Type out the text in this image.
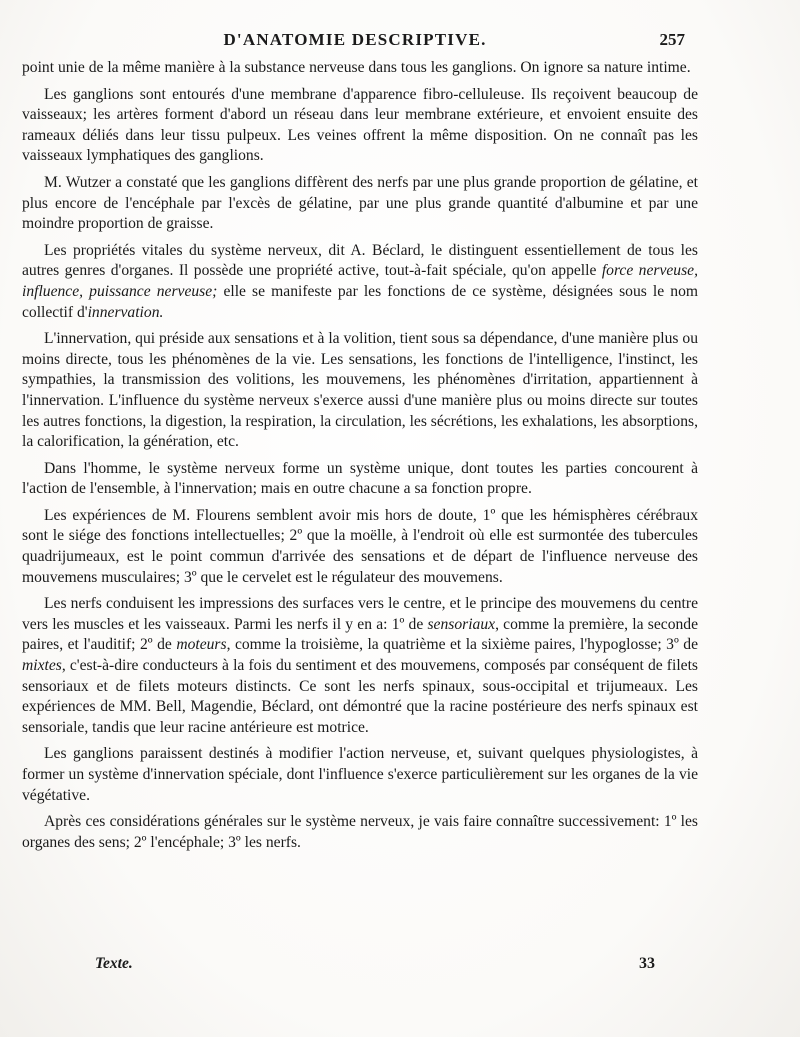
D'ANATOMIE DESCRIPTIVE.	257

point unie de la même manière à la substance nerveuse dans tous les ganglions. On ignore sa nature intime.

Les ganglions sont entourés d'une membrane d'apparence fibro-celluleuse. Ils reçoivent beaucoup de vaisseaux; les artères forment d'abord un réseau dans leur membrane extérieure, et envoient ensuite des rameaux déliés dans leur tissu pulpeux. Les veines offrent la même disposition. On ne connaît pas les vaisseaux lymphatiques des ganglions.

M. Wutzer a constaté que les ganglions diffèrent des nerfs par une plus grande proportion de gélatine, et plus encore de l'encéphale par l'excès de gélatine, par une plus grande quantité d'albumine et par une moindre proportion de graisse.

Les propriétés vitales du système nerveux, dit A. Béclard, le distinguent essentiellement de tous les autres genres d'organes. Il possède une propriété active, tout-à-fait spéciale, qu'on appelle force nerveuse, influence, puissance nerveuse; elle se manifeste par les fonctions de ce système, désignées sous le nom collectif d'innervation.

L'innervation, qui préside aux sensations et à la volition, tient sous sa dépendance, d'une manière plus ou moins directe, tous les phénomènes de la vie. Les sensations, les fonctions de l'intelligence, l'instinct, les sympathies, la transmission des volitions, les mouvemens, les phénomènes d'irritation, appartiennent à l'innervation. L'influence du système nerveux s'exerce aussi d'une manière plus ou moins directe sur toutes les autres fonctions, la digestion, la respiration, la circulation, les sécrétions, les exhalations, les absorptions, la calorification, la génération, etc.

Dans l'homme, le système nerveux forme un système unique, dont toutes les parties concourent à l'action de l'ensemble, à l'innervation; mais en outre chacune a sa fonction propre.

Les expériences de M. Flourens semblent avoir mis hors de doute, 1º que les hémisphères cérébraux sont le siége des fonctions intellectuelles; 2º que la moëlle, à l'endroit où elle est surmontée des tubercules quadrijumeaux, est le point commun d'arrivée des sensations et de départ de l'influence nerveuse des mouvemens musculaires; 3º que le cervelet est le régulateur des mouvemens.

Les nerfs conduisent les impressions des surfaces vers le centre, et le principe des mouvemens du centre vers les muscles et les vaisseaux. Parmi les nerfs il y en a: 1º de sensoriaux, comme la première, la seconde paires, et l'auditif; 2º de moteurs, comme la troisième, la quatrième et la sixième paires, l'hypoglosse; 3º de mixtes, c'est-à-dire conducteurs à la fois du sentiment et des mouvemens, composés par conséquent de filets sensoriaux et de filets moteurs distincts. Ce sont les nerfs spinaux, sous-occipital et trijumeaux. Les expériences de MM. Bell, Magendie, Béclard, ont démontré que la racine postérieure des nerfs spinaux est sensoriale, tandis que leur racine antérieure est motrice.

Les ganglions paraissent destinés à modifier l'action nerveuse, et, suivant quelques physiologistes, à former un système d'innervation spéciale, dont l'influence s'exerce particulièrement sur les organes de la vie végétative.

Après ces considérations générales sur le système nerveux, je vais faire connaître successivement: 1º les organes des sens; 2º l'encéphale; 3º les nerfs.

Texte.	33
